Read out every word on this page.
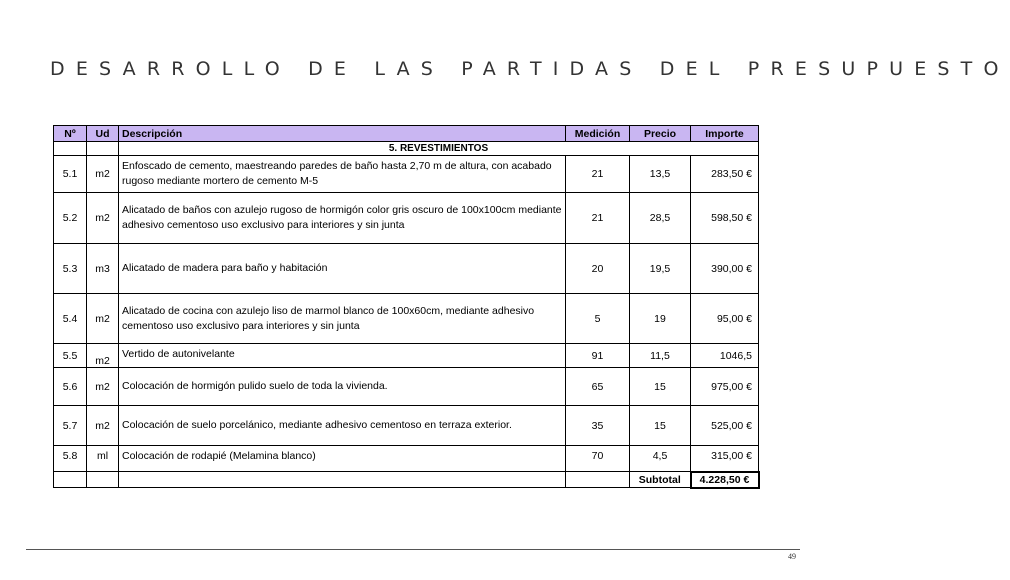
DESARROLLO DE LAS PARTIDAS DEL PRESUPUESTO
Nº	Ud	Descripción	Medición	Precio	Importe
		5. REVESTIMIENTOS			
5.1	m2	Enfoscado de cemento, maestreando paredes de baño hasta 2,70 m de altura, con acabado rugoso mediante mortero de cemento M-5	21	13,5	283,50 €
5.2	m2	Alicatado de baños con azulejo rugoso de hormigón color gris oscuro de 100x100cm mediante adhesivo cementoso uso exclusivo para interiores y sin junta	21	28,5	598,50 €
5.3	m3	Alicatado de madera para baño y habitación	20	19,5	390,00 €
5.4	m2	Alicatado de cocina con azulejo liso de marmol blanco de 100x60cm, mediante adhesivo cementoso uso exclusivo para interiores y sin junta	5	19	95,00 €
5.5	m2	Vertido de autonivelante	91	11,5	1046,5
5.6	m2	Colocación de hormigón pulido suelo de toda la vivienda.	65	15	975,00 €
5.7	m2	Colocación de suelo porcelánico, mediante adhesivo cementoso en terraza exterior.	35	15	525,00 €
5.8	ml	Colocación de rodapié (Melamina blanco)	70	4,5	315,00 €
				Subtotal	4.228,50 €
49
